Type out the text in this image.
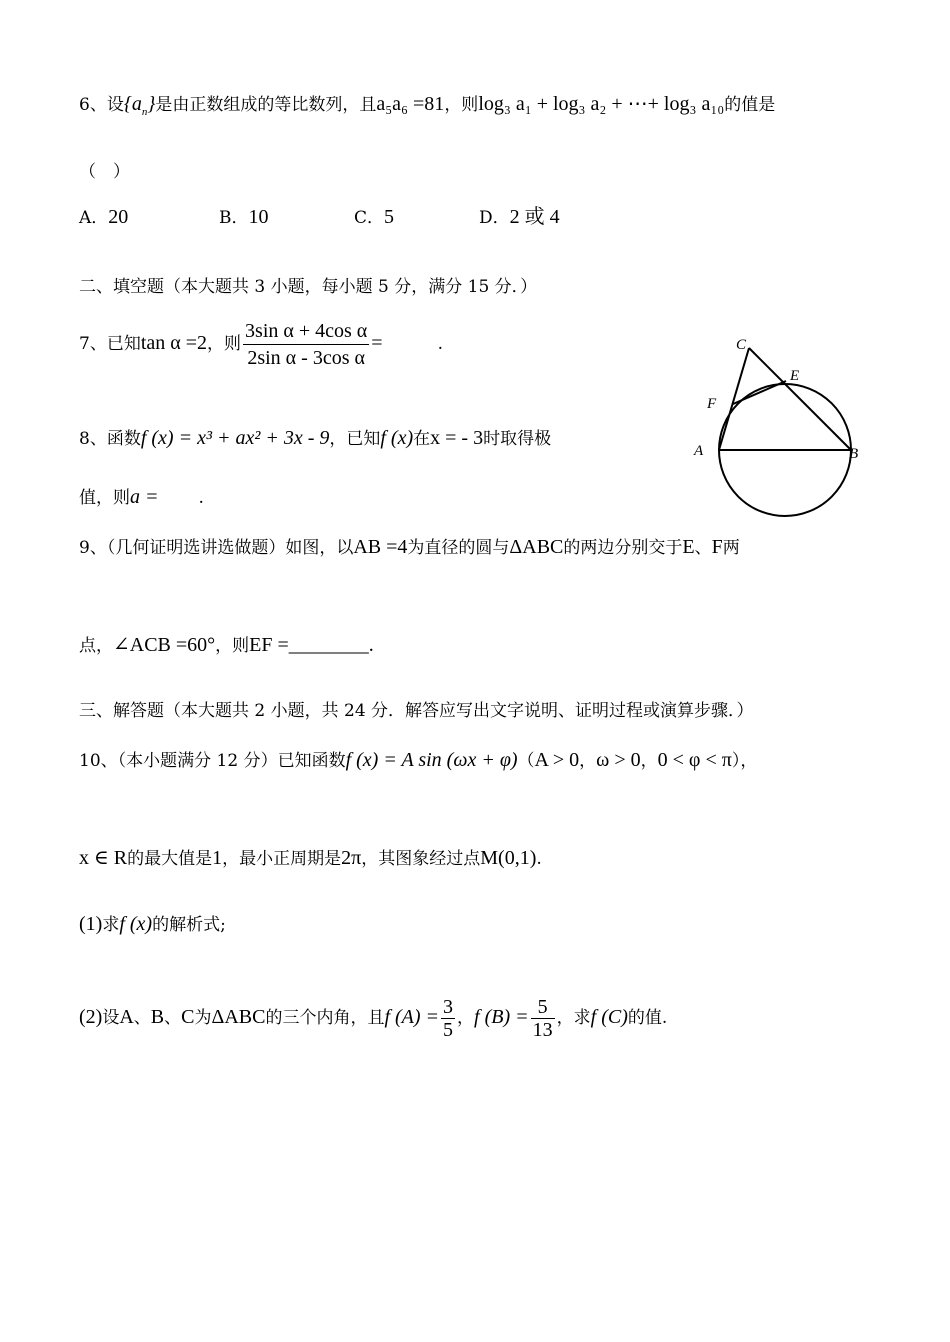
6、设$\{a_n\}$是由正数组成的等比数列，且a₅a₆ =81，则log₃ a₁ + log₃ a₂ + ⋯+ log₃ a₁₀的值是
（　）
A．20	B．10	C．5	D．2 或 4
二、填空题（本大题共 3 小题，每小题 5 分，满分 15 分．）
7、已知tan α =2，则 $\frac{\text{3sin α + 4cos α}}{\text{2sin α - 3cos α}}$ =	.
8、函数f (x) = x³ + ax² + 3x - 9，已知f (x)在x = - 3时取得极
值，则a = .
C
E
F
A	B
9、（几何证明选讲选做题）如图，以AB =4为直径的圆与ΔABC的两边分别交于E、F两
点，∠ACB =60°，则EF =________.
三、解答题（本大题共 2 小题，共 24 分．解答应写出文字说明、证明过程或演算步骤．）
10、（本小题满分 12 分）已知函数f (x) = A sin (ωx + φ)（A > 0，ω > 0，0 < φ < π），
x ∈ R的最大值是1，最小正周期是2π，其图象经过点M(0,1).
(1)求f (x)的解析式;
(2)设A、B、C为ΔABC的三个内角，且f $(A) = \frac{3}{5}$ ，f $(B) = \frac{5}{13}$ ，求f (C)的值.
